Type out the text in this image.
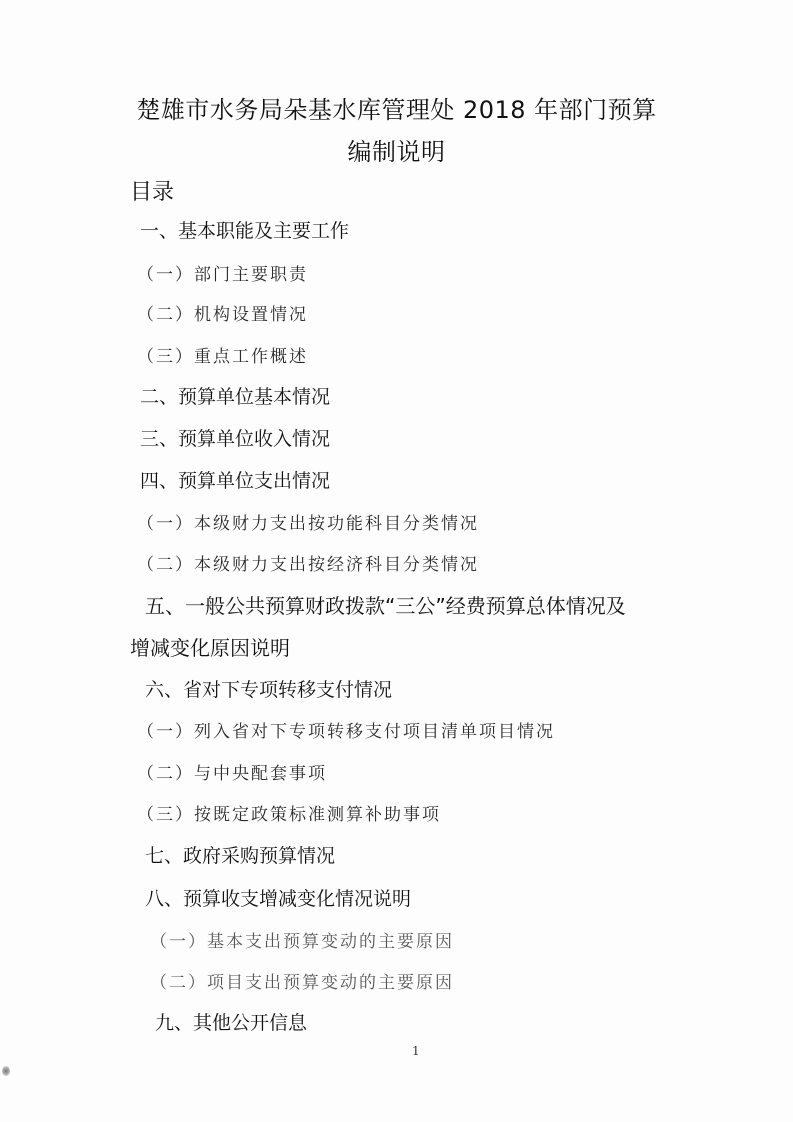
楚雄市水务局朵基水库管理处 2018 年部门预算
编制说明
目录
一、基本职能及主要工作
（一）部门主要职责
（二）机构设置情况
（三）重点工作概述
二、预算单位基本情况
三、预算单位收入情况
四、预算单位支出情况
（一）本级财力支出按功能科目分类情况
（二）本级财力支出按经济科目分类情况
五、一般公共预算财政拨款“三公”经费预算总体情况及
增减变化原因说明
六、省对下专项转移支付情况
（一）列入省对下专项转移支付项目清单项目情况
（二）与中央配套事项
（三）按既定政策标准测算补助事项
七、政府采购预算情况
八、预算收支增减变化情况说明
（一）基本支出预算变动的主要原因
（二）项目支出预算变动的主要原因
九、其他公开信息
1
